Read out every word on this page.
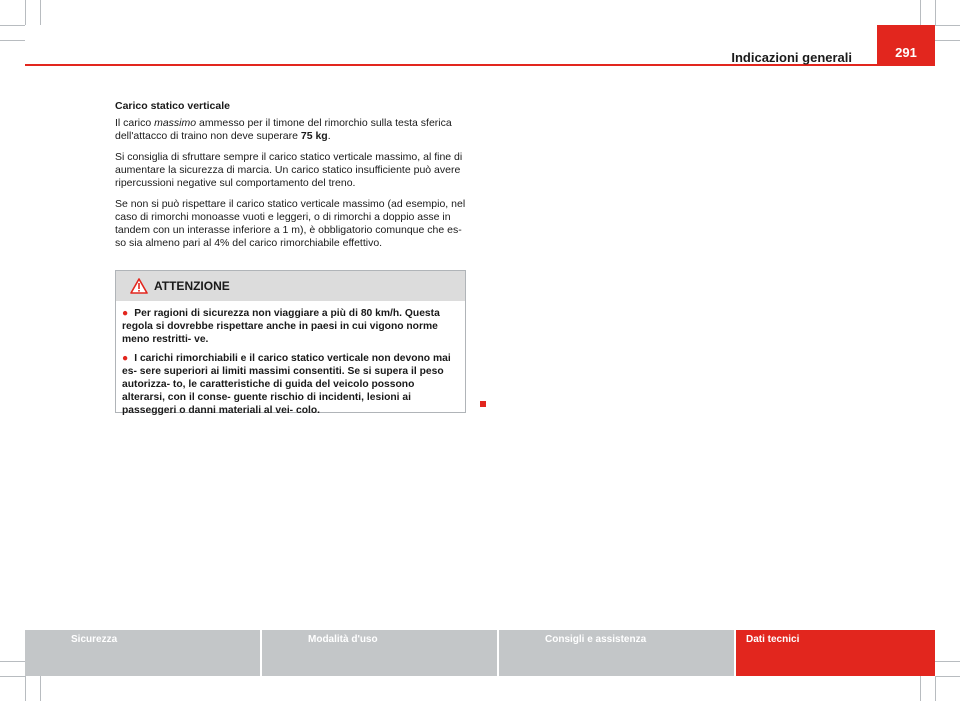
Indicazioni generali	291
Carico statico verticale

Il carico massimo ammesso per il timone del rimorchio sulla testa sferica dell'attacco di traino non deve superare 75 kg.

Si consiglia di sfruttare sempre il carico statico verticale massimo, al fine di aumentare la sicurezza di marcia. Un carico statico insufficiente può avere ripercussioni negative sul comportamento del treno.

Se non si può rispettare il carico statico verticale massimo (ad esempio, nel caso di rimorchi monoasse vuoti e leggeri, o di rimorchi a doppio asse in tandem con un interasse inferiore a 1 m), è obbligatorio comunque che es- so sia almeno pari al 4% del carico rimorchiabile effettivo.

ATTENZIONE
● Per ragioni di sicurezza non viaggiare a più di 80 km/h. Questa regola si dovrebbe rispettare anche in paesi in cui vigono norme meno restritti- ve.
● I carichi rimorchiabili e il carico statico verticale non devono mai es- sere superiori ai limiti massimi consentiti. Se si supera il peso autorizza- to, le caratteristiche di guida del veicolo possono alterarsi, con il conse- guente rischio di incidenti, lesioni ai passeggeri o danni materiali al vei- colo.
Sicurezza	Modalità d'uso	Consigli e assistenza	Dati tecnici
